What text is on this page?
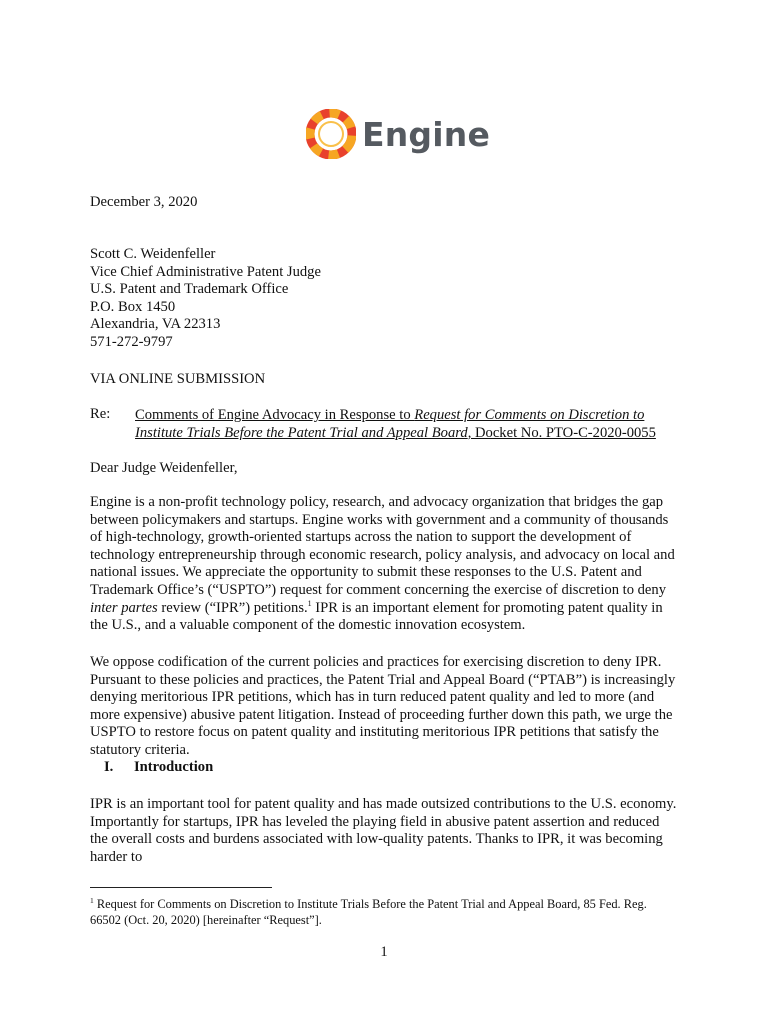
Engine
December 3, 2020
Scott C. Weidenfeller
Vice Chief Administrative Patent Judge
U.S. Patent and Trademark Office
P.O. Box 1450
Alexandria, VA 22313
571-272-9797
VIA ONLINE SUBMISSION
Re: Comments of Engine Advocacy in Response to Request for Comments on Discretion to Institute Trials Before the Patent Trial and Appeal Board, Docket No. PTO-C-2020-0055
Dear Judge Weidenfeller,
Engine is a non-profit technology policy, research, and advocacy organization that bridges the gap between policymakers and startups. Engine works with government and a community of thousands of high-technology, growth-oriented startups across the nation to support the development of technology entrepreneurship through economic research, policy analysis, and advocacy on local and national issues. We appreciate the opportunity to submit these responses to the U.S. Patent and Trademark Office’s (“USPTO”) request for comment concerning the exercise of discretion to deny inter partes review (“IPR”) petitions.$^1$ IPR is an important element for promoting patent quality in the U.S., and a valuable component of the domestic innovation ecosystem.
We oppose codification of the current policies and practices for exercising discretion to deny IPR. Pursuant to these policies and practices, the Patent Trial and Appeal Board (“PTAB”) is increasingly denying meritorious IPR petitions, which has in turn reduced patent quality and led to more (and more expensive) abusive patent litigation. Instead of proceeding further down this path, we urge the USPTO to restore focus on patent quality and instituting meritorious IPR petitions that satisfy the statutory criteria.
I. Introduction
IPR is an important tool for patent quality and has made outsized contributions to the U.S. economy. Importantly for startups, IPR has leveled the playing field in abusive patent assertion and reduced the overall costs and burdens associated with low-quality patents. Thanks to IPR, it was becoming harder to
$^1$ Request for Comments on Discretion to Institute Trials Before the Patent Trial and Appeal Board, 85 Fed. Reg. 66502 (Oct. 20, 2020) [hereinafter “Request”].
1
